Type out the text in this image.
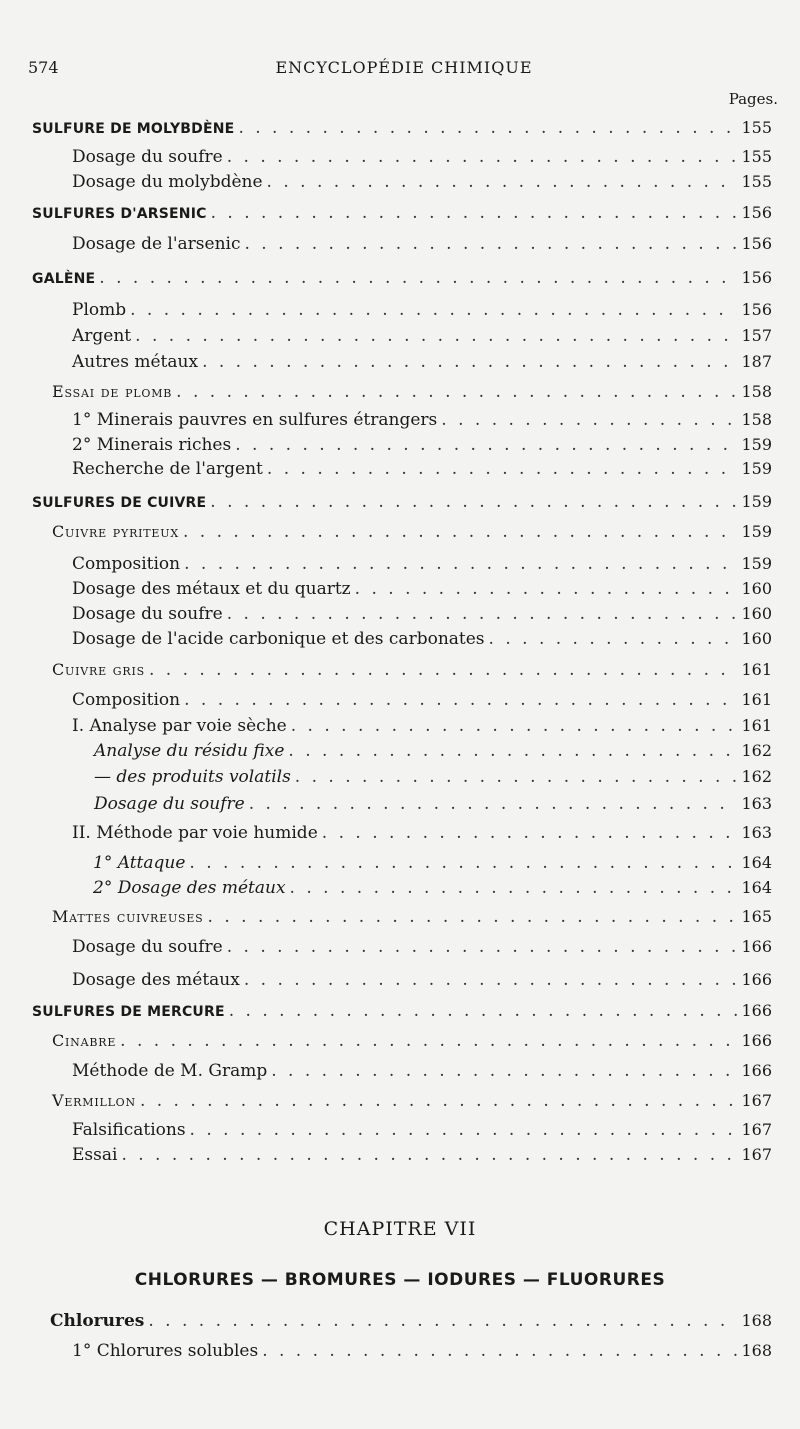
574	ENCYCLOPÉDIE CHIMIQUE
Pages.
SULFURE DE MOLYBDÈNE . . .	155
Dosage du soufre . . .	155
Dosage du molybdène . . .	155
SULFURES D'ARSENIC . . .	156
Dosage de l'arsenic . . .	156
GALÈNE . . .	156
Plomb . . .	156
Argent . . .	157
Autres métaux . . .	187
Essai de plomb . . .	158
1° Minerais pauvres en sulfures étrangers . . .	158
2° Minerais riches . . .	159
Recherche de l'argent . . .	159
SULFURES DE CUIVRE . . .	159
Cuivre pyriteux . . .	159
Composition . . .	159
Dosage des métaux et du quartz . . .	160
Dosage du soufre . . .	160
Dosage de l'acide carbonique et des carbonates . . .	160
Cuivre gris . . .	161
Composition . . .	161
I. Analyse par voie sèche . . .	161
Analyse du résidu fixe . . .	162
— des produits volatils . . .	162
Dosage du soufre . . .	163
II. Méthode par voie humide . . .	163
1° Attaque . . .	164
2° Dosage des métaux . . .	164
Mattes cuivreuses . . .	165
Dosage du soufre . . .	166
Dosage des métaux . . .	166
SULFURES DE MERCURE . . .	166
Cinabre . . .	166
Méthode de M. Gramp . . .	166
Vermillon . . .	167
Falsifications . . .	167
Essai . . .	167
CHAPITRE VII
CHLORURES — BROMURES — IODURES — FLUORURES
Chlorures . . .	168
1° Chlorures solubles . . .	168
